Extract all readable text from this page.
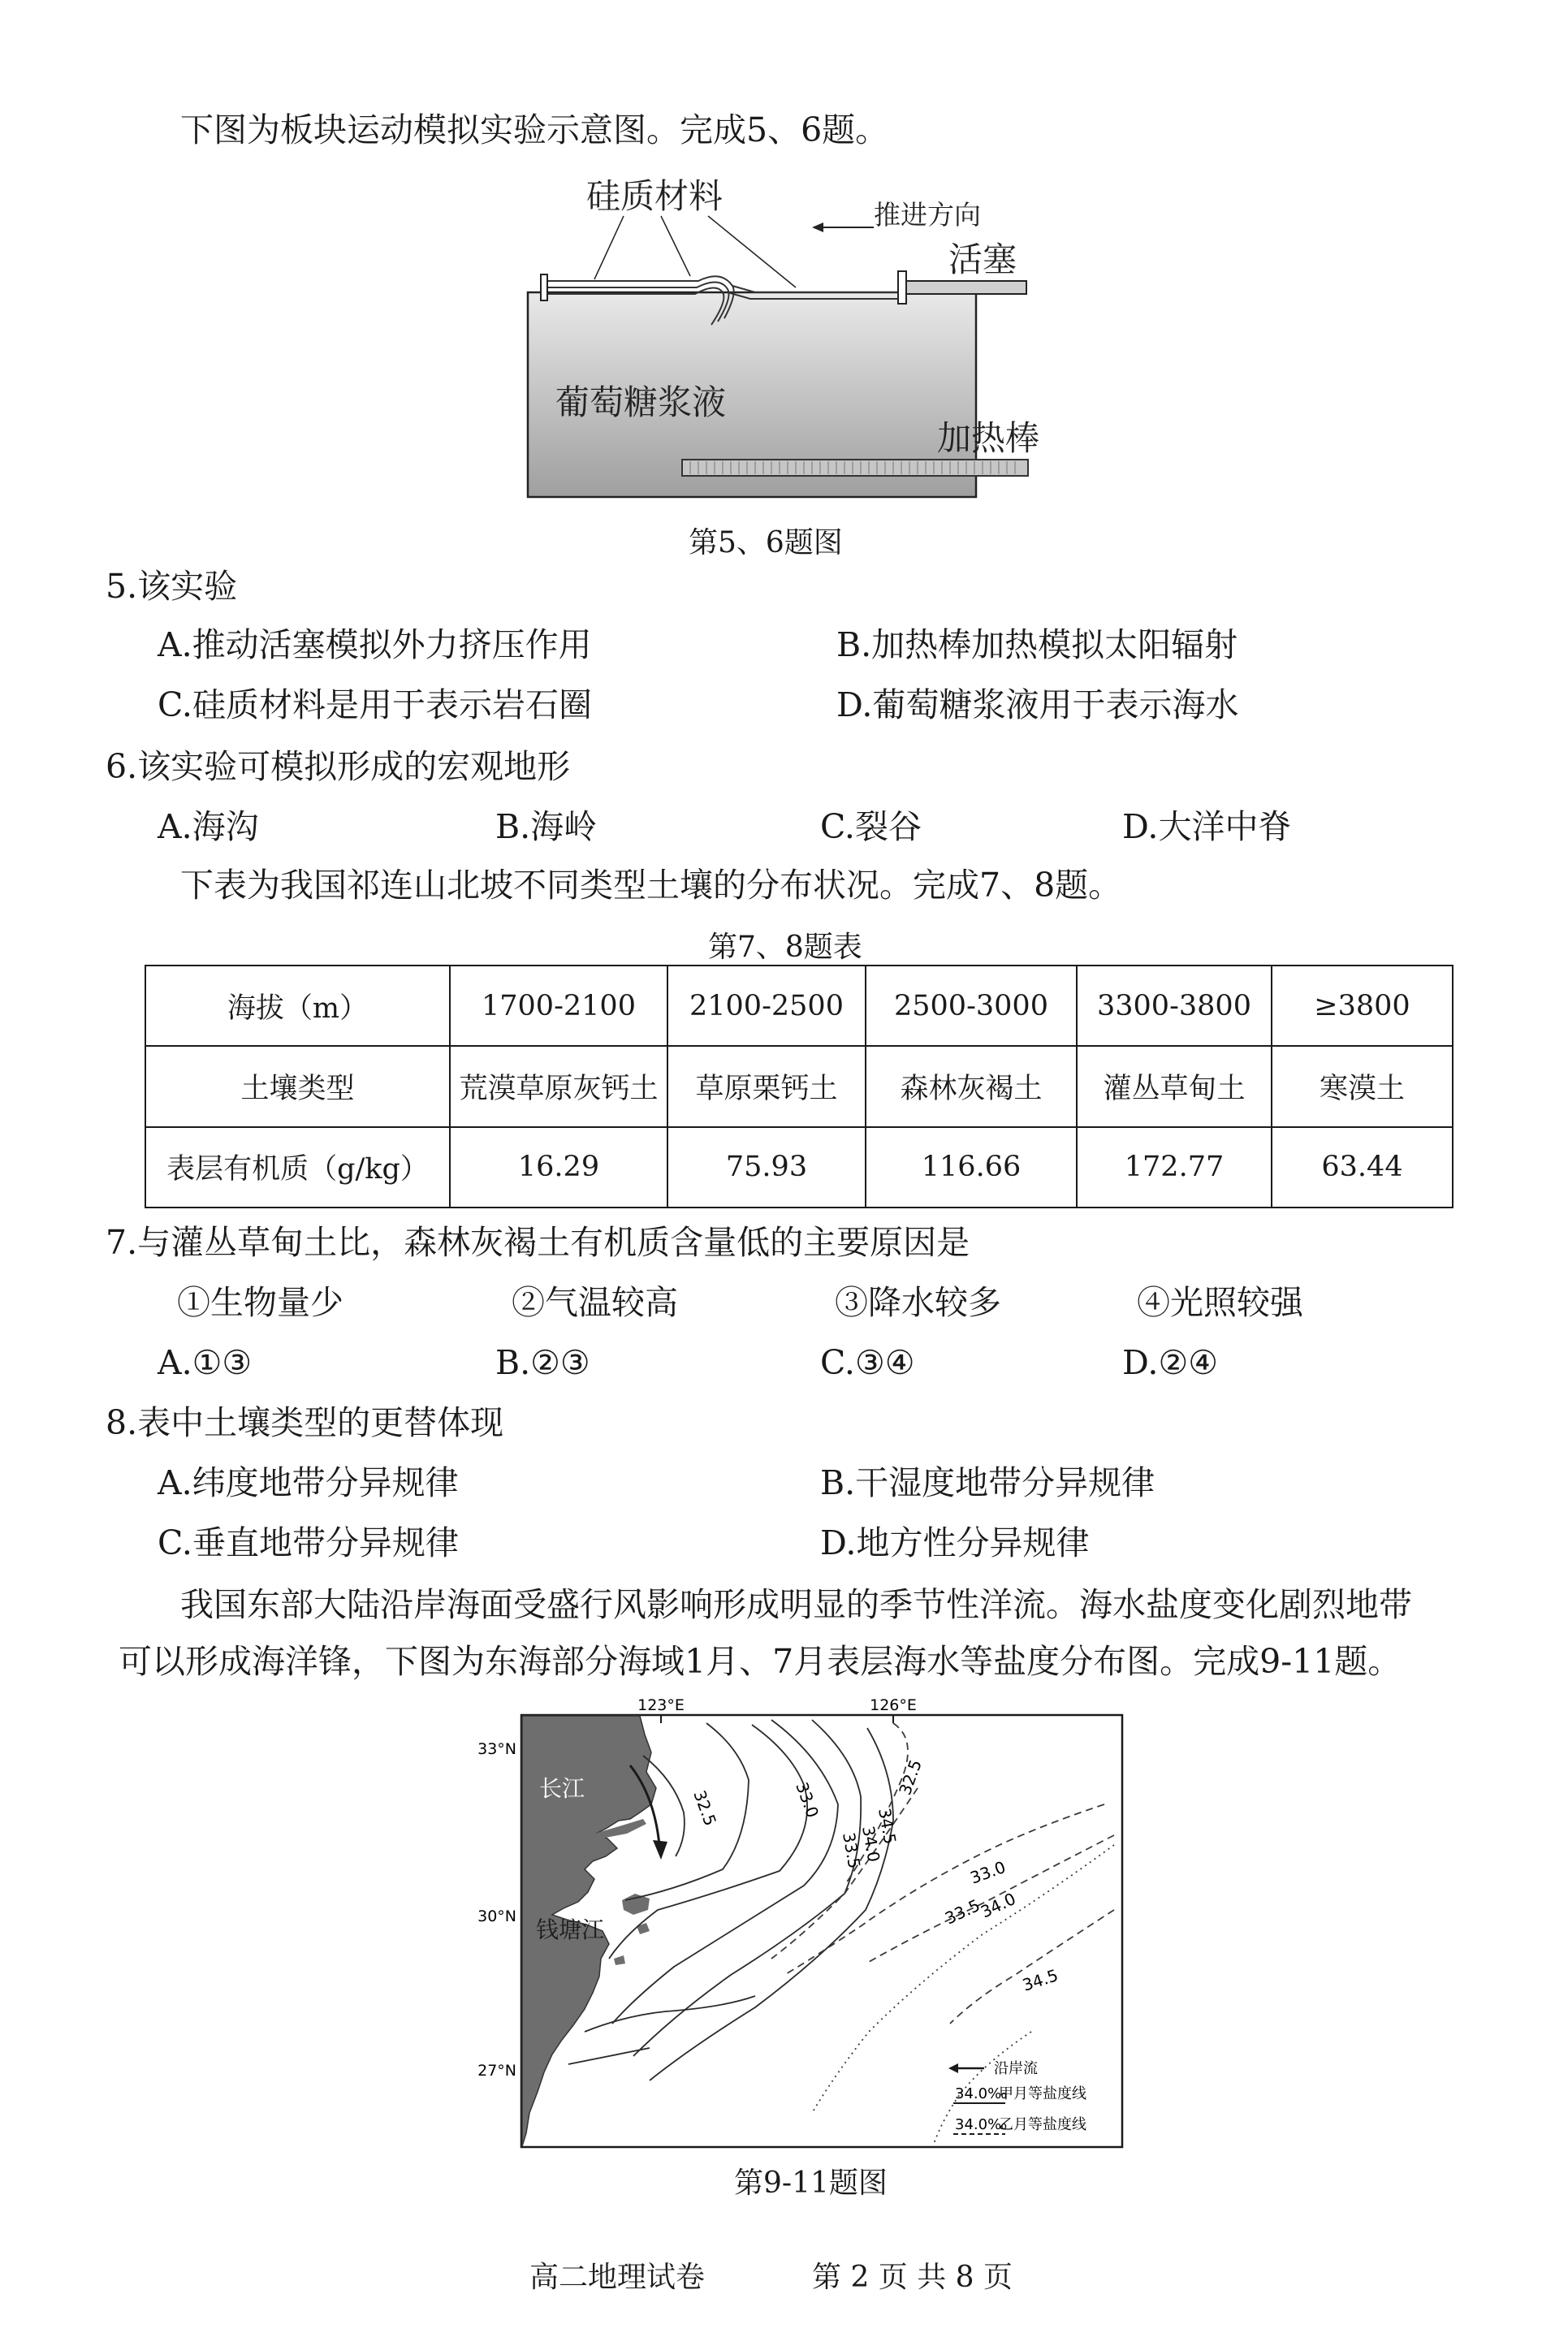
下图为板块运动模拟实验示意图。完成5、6题。
硅质材料	推进方向
活塞
葡萄糖浆液
加热棒
第5、6题图
5.该实验
A.推动活塞模拟外力挤压作用	B.加热棒加热模拟太阳辐射
C.硅质材料是用于表示岩石圈	D.葡萄糖浆液用于表示海水
6.该实验可模拟形成的宏观地形
A.海沟	B.海岭	C.裂谷	D.大洋中脊
下表为我国祁连山北坡不同类型土壤的分布状况。完成7、8题。
第7、8题表
海拔（m）	1700-2100	2100-2500	2500-3000	3300-3800	≥3800
土壤类型	荒漠草原灰钙土	草原栗钙土	森林灰褐土	灌丛草甸土	寒漠土
表层有机质（g/kg）	16.29	75.93	116.66	172.77	63.44
7.与灌丛草甸土比，森林灰褐土有机质含量低的主要原因是
①生物量少	②气温较高	③降水较多	④光照较强
A.①③	B.②③	C.③④	D.②④
8.表中土壤类型的更替体现
A.纬度地带分异规律	B.干湿度地带分异规律
C.垂直地带分异规律	D.地方性分异规律
我国东部大陆沿岸海面受盛行风影响形成明显的季节性洋流。海水盐度变化剧烈地带
可以形成海洋锋，下图为东海部分海域1月、7月表层海水等盐度分布图。完成9-11题。
123°E	126°E
33°N
30°N
27°N
长江
钱塘江
32.5	33.0
33.5
34.0
34.5
32.5
33.0
33.5
34.0
34.5
沿岸流
34.0‰
甲月等盐度线
34.0‰
乙月等盐度线
第9-11题图
高二地理试卷	第 2 页 共 8 页
